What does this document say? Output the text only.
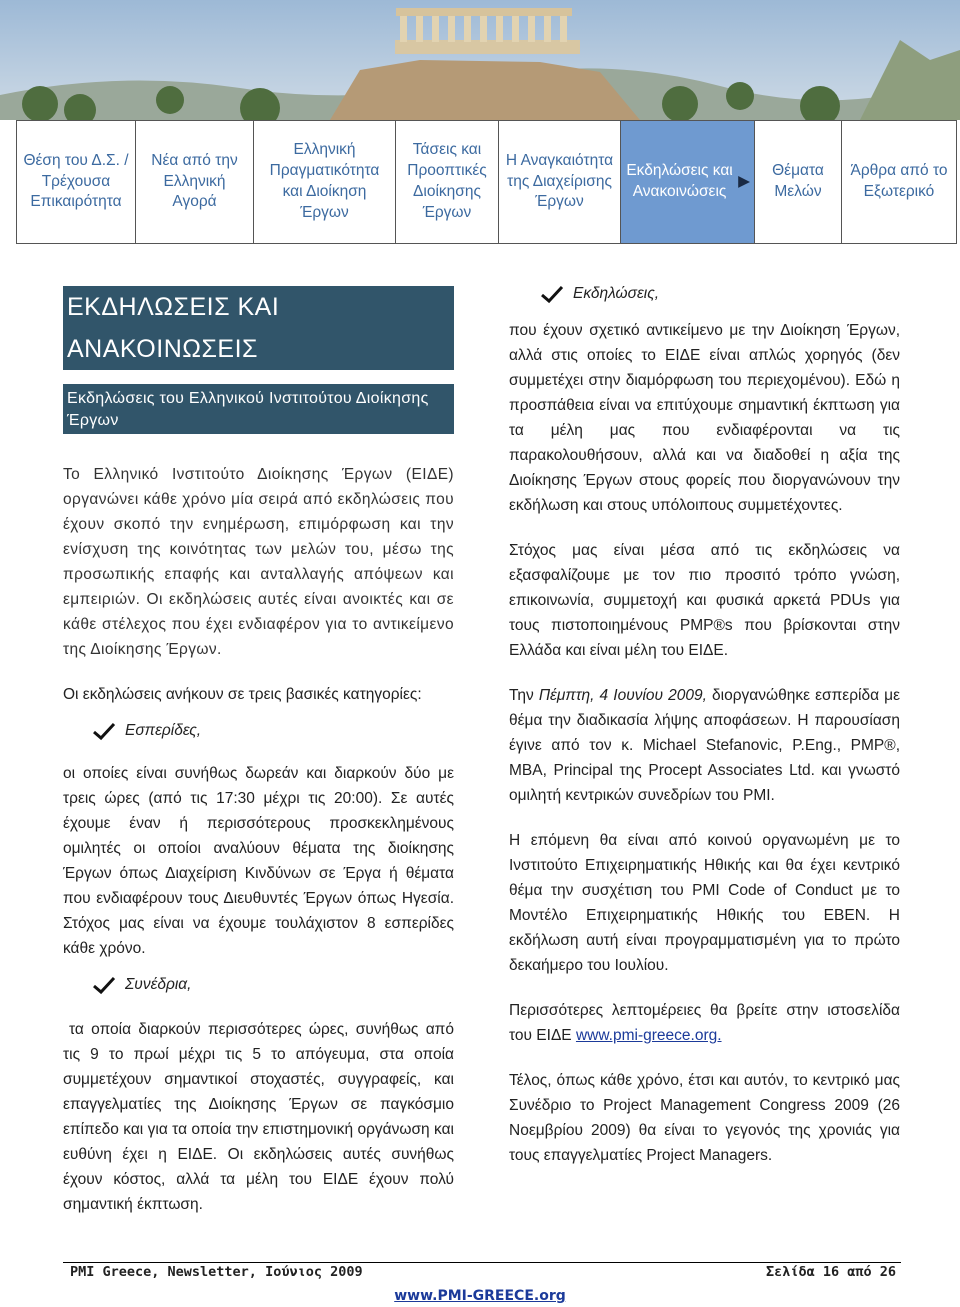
Θέση του Δ.Σ. / Τρέχουσα Επικαιρότητα
Νέα από την Ελληνική Αγορά
Ελληνική Πραγματικότητα και Διοίκηση Έργων
Τάσεις και Προοπτικές Διοίκησης Έργων
Η Αναγκαιότητα της Διαχείρισης Έργων
Εκδηλώσεις και Ανακοινώσεις
▶
Θέματα Μελών
Άρθρα από το Εξωτερικό
ΕΚΔΗΛΩΣΕΙΣ ΚΑΙ ΑΝΑΚΟΙΝΩΣΕΙΣ
Εκδηλώσεις του Ελληνικού Ινστιτούτου Διοίκησης Έργων

Το Ελληνικό Ινστιτούτο Διοίκησης Έργων (ΕΙΔΕ) οργανώνει κάθε χρόνο μία σειρά από εκδηλώσεις που έχουν σκοπό την ενημέρωση, επιμόρφωση και την ενίσχυση της κοινότητας των μελών του, μέσω της προσωπικής επαφής και ανταλλαγής απόψεων και εμπειριών. Οι εκδηλώσεις αυτές είναι ανοικτές και σε κάθε στέλεχος που έχει ενδιαφέρον για το αντικείμενο της Διοίκησης Έργων.

Οι εκδηλώσεις ανήκουν σε τρεις βασικές κατηγορίες:

Εσπερίδες,

οι οποίες είναι συνήθως δωρεάν και διαρκούν δύο με τρεις ώρες (από τις 17:30 μέχρι τις 20:00). Σε αυτές έχουμε έναν ή περισσότερους προσκεκλημένους ομιλητές οι οποίοι αναλύουν θέματα της διοίκησης Έργων όπως Διαχείριση Κινδύνων σε Έργα ή θέματα που ενδιαφέρουν τους Διευθυντές Έργων όπως Ηγεσία. Στόχος μας είναι να έχουμε τουλάχιστον 8 εσπερίδες κάθε χρόνο.

Συνέδρια,

τα οποία διαρκούν περισσότερες ώρες, συνήθως από τις 9 το πρωί μέχρι τις 5 το απόγευμα, στα οποία συμμετέχουν σημαντικοί στοχαστές, συγγραφείς, και επαγγελματίες της Διοίκησης Έργων σε παγκόσμιο επίπεδο και για τα οποία την επιστημονική οργάνωση και ευθύνη έχει η ΕΙΔΕ. Οι εκδηλώσεις αυτές συνήθως έχουν κόστος, αλλά τα μέλη του ΕΙΔΕ έχουν πολύ σημαντική έκπτωση.

Εκδηλώσεις,

που έχουν σχετικό αντικείμενο με την Διοίκηση Έργων, αλλά στις οποίες το ΕΙΔΕ είναι απλώς χορηγός (δεν συμμετέχει στην διαμόρφωση του περιεχομένου). Εδώ η προσπάθεια είναι να επιτύχουμε σημαντική έκπτωση για τα μέλη μας που ενδιαφέρονται να τις παρακολουθήσουν, αλλά και να διαδοθεί η αξία της Διοίκησης Έργων στους φορείς που διοργανώνουν την εκδήλωση και στους υπόλοιπους συμμετέχοντες.

Στόχος μας είναι μέσα από τις εκδηλώσεις να εξασφαλίζουμε με τον πιο προσιτό τρόπο γνώση, επικοινωνία, συμμετοχή και φυσικά αρκετά PDUs για τους πιστοποιημένους PMP®s που βρίσκονται στην Ελλάδα και είναι μέλη του ΕΙΔΕ.

Την Πέμπτη, 4 Ιουνίου 2009, διοργανώθηκε εσπερίδα με θέμα την διαδικασία λήψης αποφάσεων. Η παρουσίαση έγινε από τον κ. Michael Stefanovic, P.Eng., PMP®, MBA, Principal της Procept Associates Ltd. και γνωστό ομιλητή κεντρικών συνεδρίων του PMI.

Η επόμενη θα είναι από κοινού οργανωμένη με το Ινστιτούτο Επιχειρηματικής Ηθικής και θα έχει κεντρικό θέμα την συσχέτιση του PMI Code of Conduct με το Μοντέλο Επιχειρηματικής Ηθικής του EBEN. Η εκδήλωση αυτή είναι προγραμματισμένη για το πρώτο δεκαήμερο του Ιουλίου.

Περισσότερες λεπτομέρειες θα βρείτε στην ιστοσελίδα του ΕΙΔΕ www.pmi-greece.org.

Τέλος, όπως κάθε χρόνο, έτσι και αυτόν, το κεντρικό μας Συνέδριο το Project Management Congress 2009 (26 Νοεμβρίου 2009) θα είναι το γεγονός της χρονιάς για τους επαγγελματίες Project Managers.

PMI Greece, Newsletter, Ιούνιος 2009	Σελίδα 16 από 26
www.PMI-GREECE.org
